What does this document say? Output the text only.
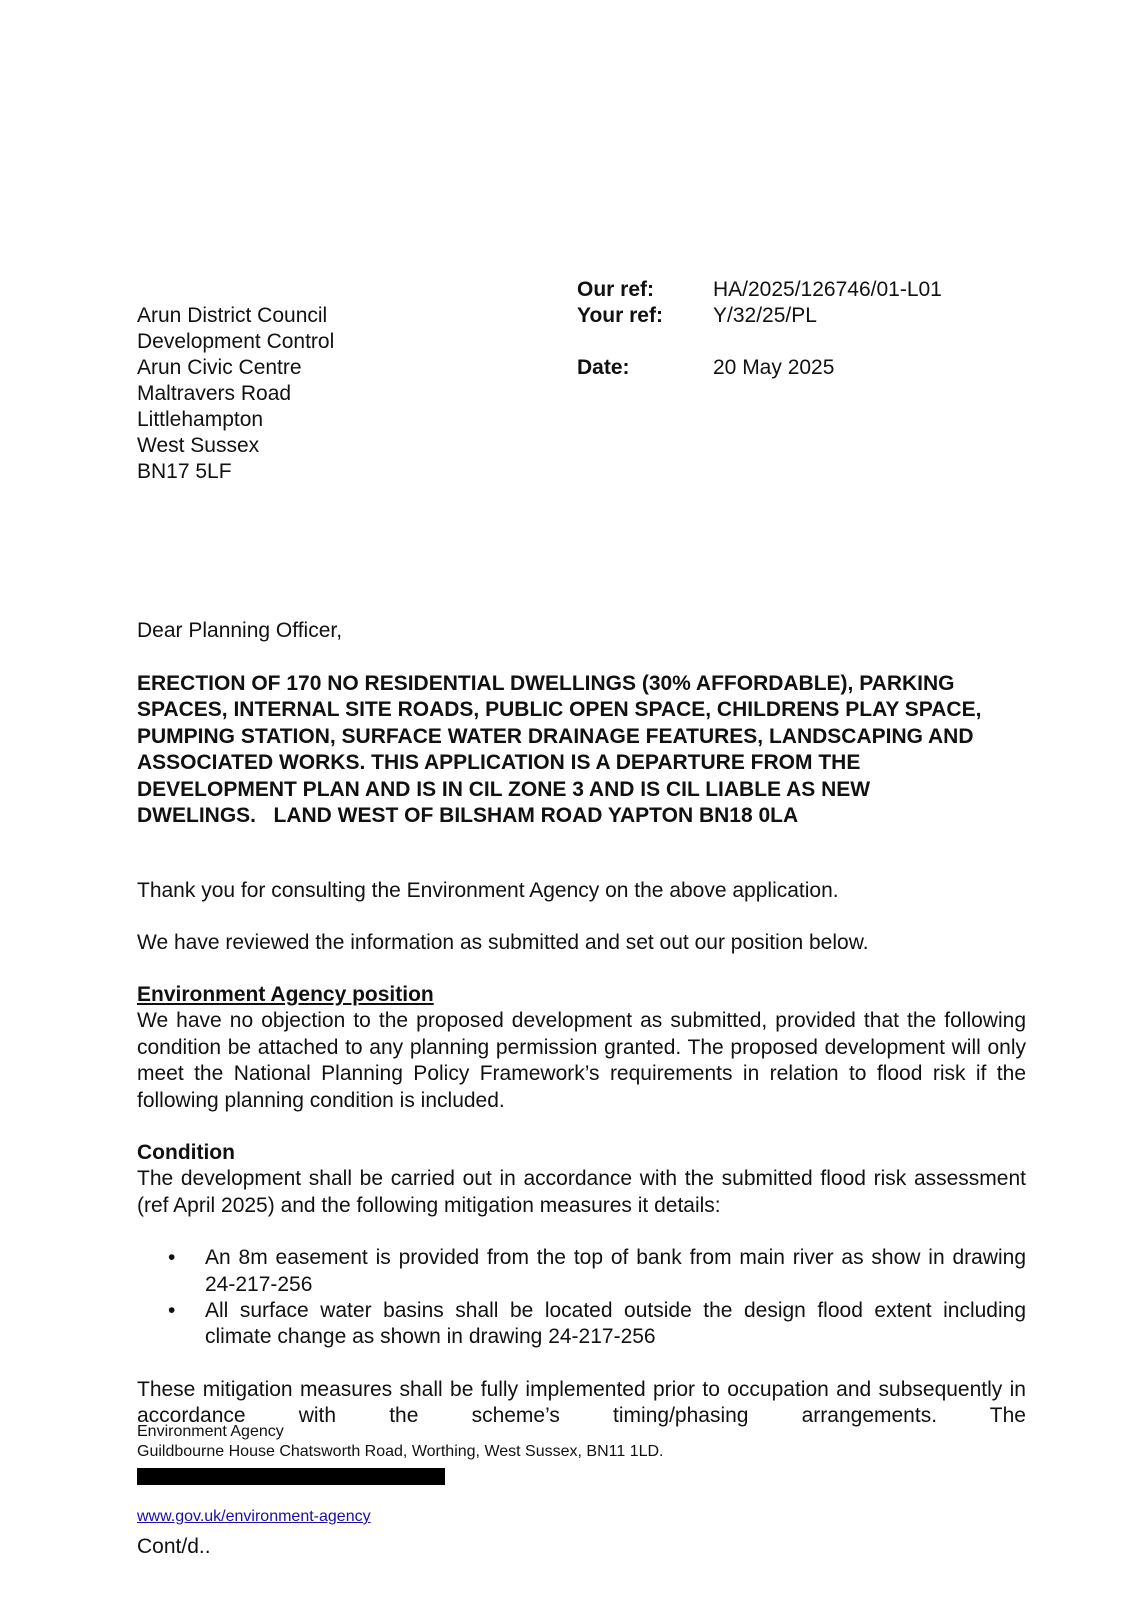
Arun District Council
Development Control
Arun Civic Centre
Maltravers Road
Littlehampton
West Sussex
BN17 5LF
Our ref:	HA/2025/126746/01-L01
Your ref:	Y/32/25/PL
Date:	20 May 2025
Dear Planning Officer,
ERECTION OF 170 NO RESIDENTIAL DWELLINGS (30% AFFORDABLE), PARKING SPACES, INTERNAL SITE ROADS, PUBLIC OPEN SPACE, CHILDRENS PLAY SPACE, PUMPING STATION, SURFACE WATER DRAINAGE FEATURES, LANDSCAPING AND ASSOCIATED WORKS. THIS APPLICATION IS A DEPARTURE FROM THE DEVELOPMENT PLAN AND IS IN CIL ZONE 3 AND IS CIL LIABLE AS NEW DWELINGS.   LAND WEST OF BILSHAM ROAD YAPTON BN18 0LA
Thank you for consulting the Environment Agency on the above application.
We have reviewed the information as submitted and set out our position below.
Environment Agency position
We have no objection to the proposed development as submitted, provided that the following condition be attached to any planning permission granted. The proposed development will only meet the National Planning Policy Framework’s requirements in relation to flood risk if the following planning condition is included.
Condition
The development shall be carried out in accordance with the submitted flood risk assessment (ref April 2025) and the following mitigation measures it details:
• An 8m easement is provided from the top of bank from main river as show in drawing 24-217-256
• All surface water basins shall be located outside the design flood extent including climate change as shown in drawing 24-217-256
These mitigation measures shall be fully implemented prior to occupation and subsequently in accordance with the scheme’s timing/phasing arrangements. The
Environment Agency
Guildbourne House Chatsworth Road, Worthing, West Sussex, BN11 1LD.
www.gov.uk/environment-agency
Cont/d..
